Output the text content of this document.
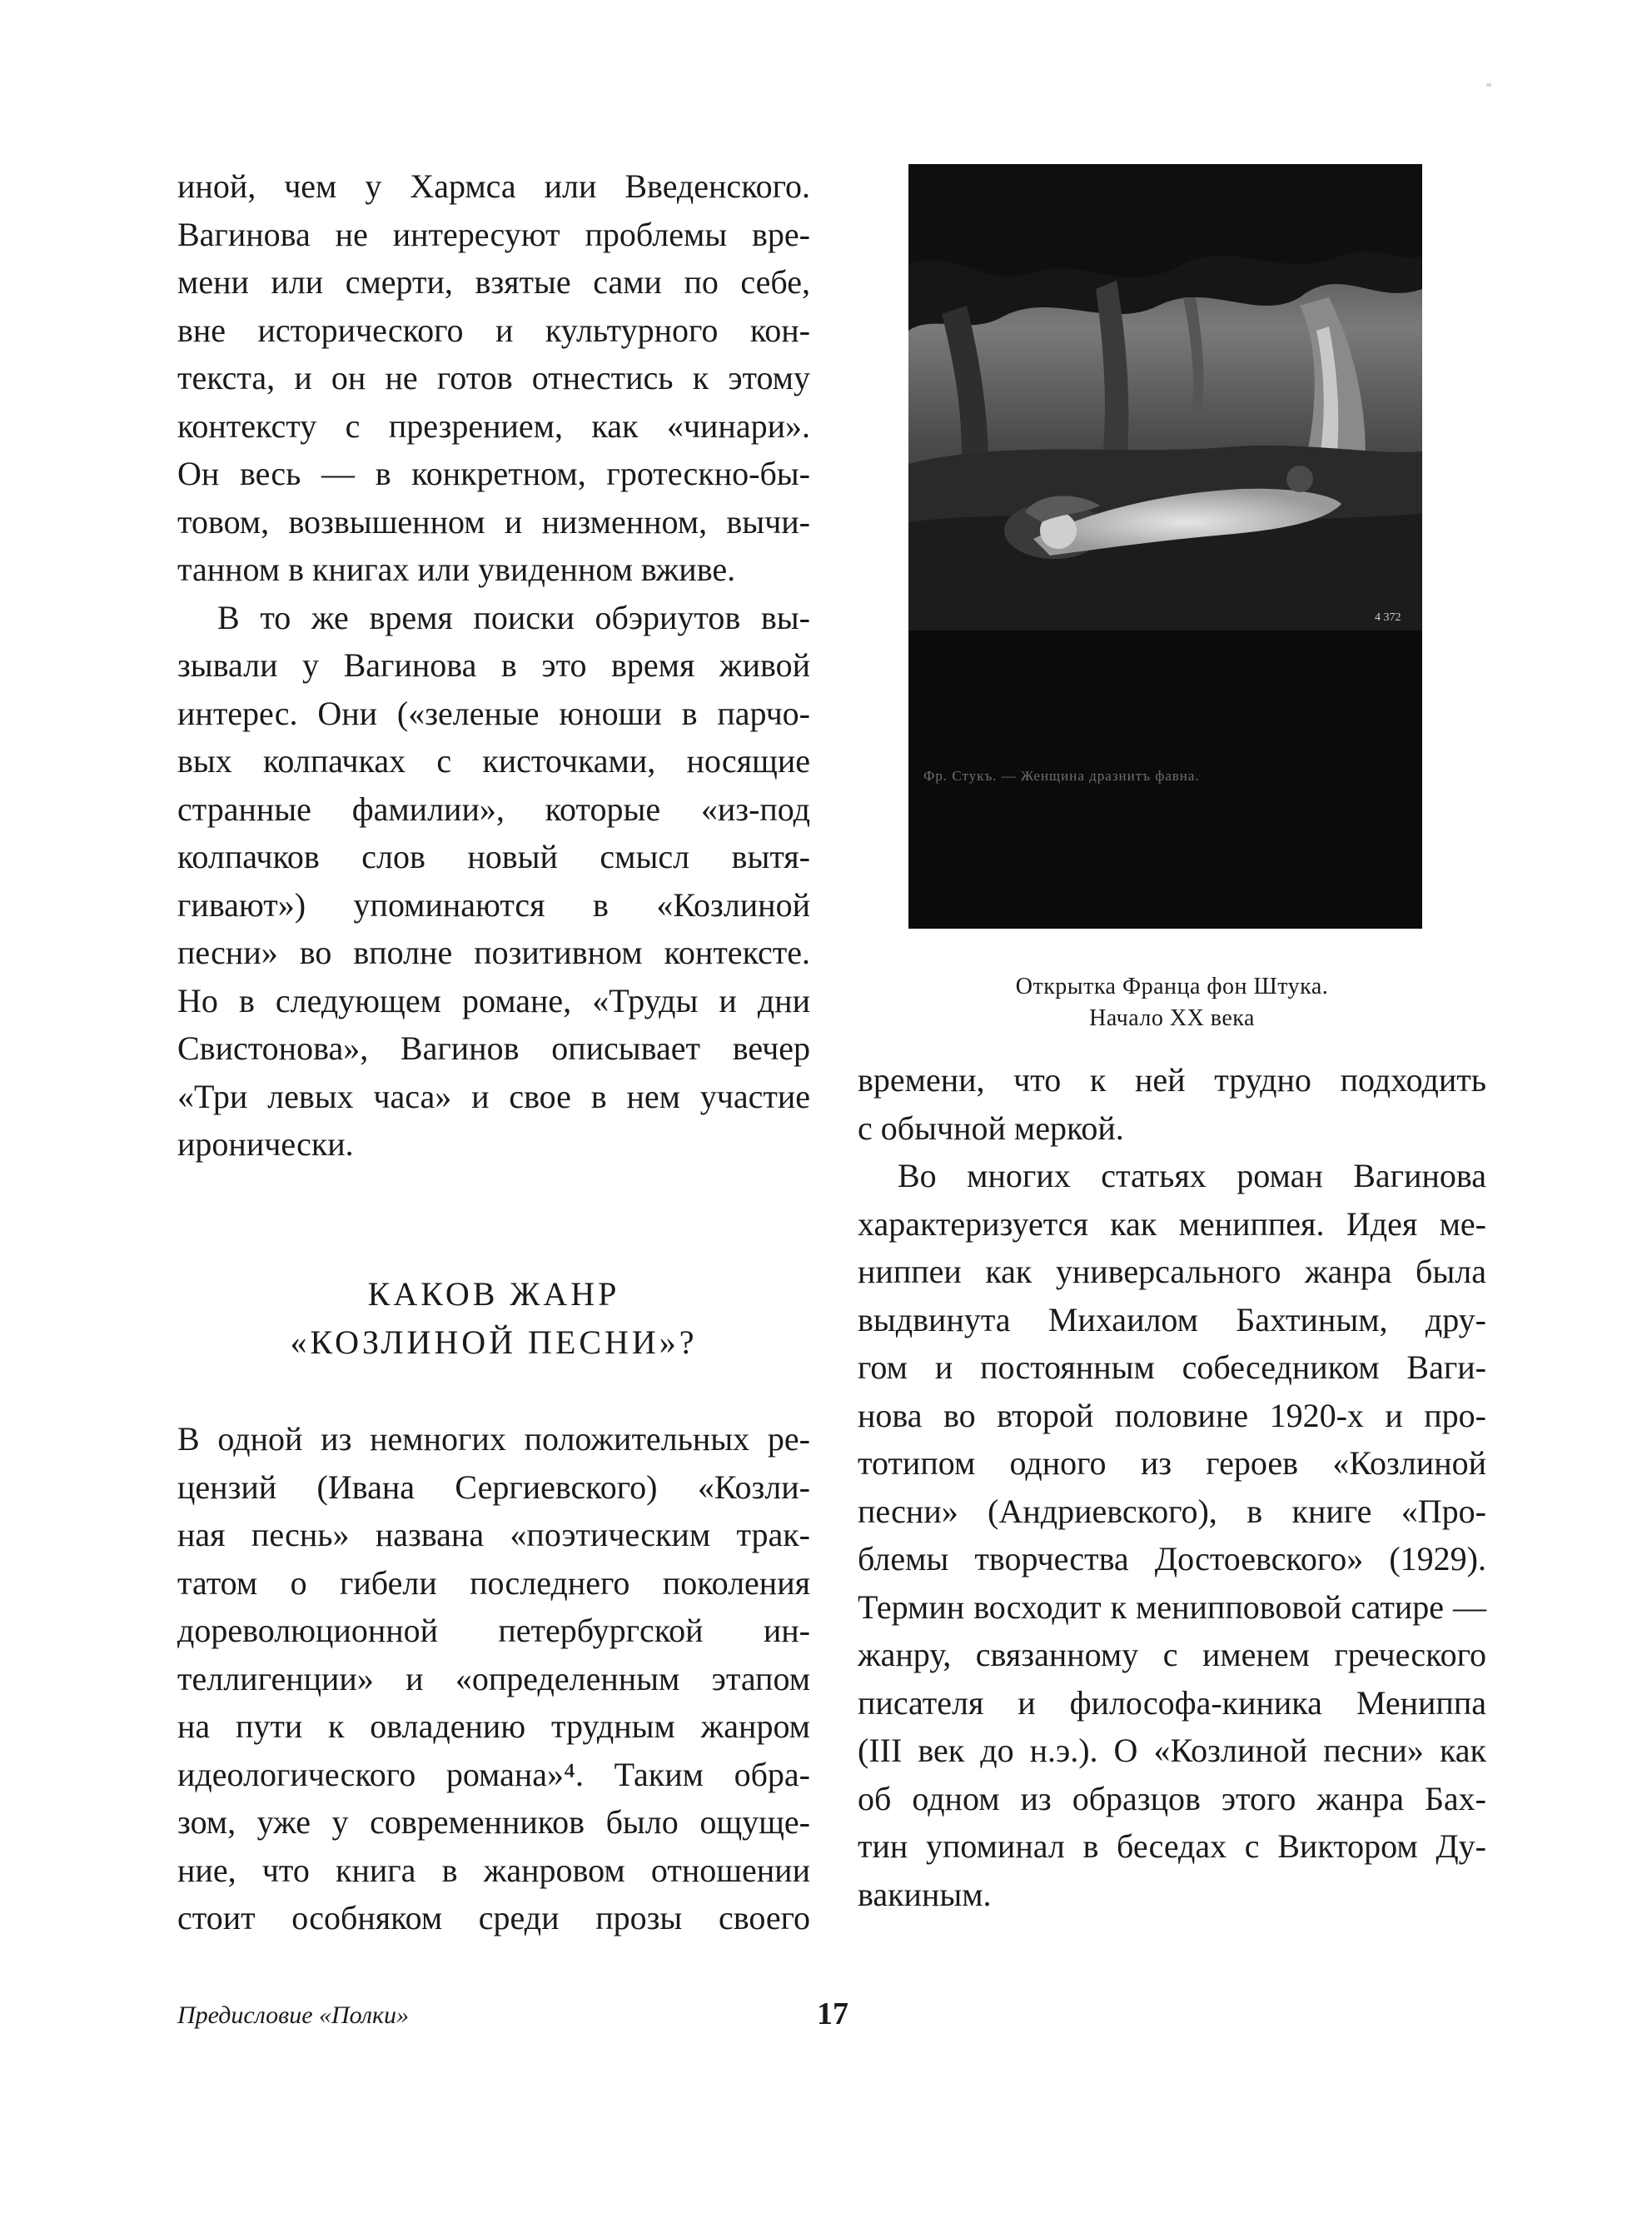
иной, чем у Хармса или Введенского.
Вагинова не интересуют проблемы вре-
мени или смерти, взятые сами по себе,
вне исторического и культурного кон-
текста, и он не готов отнестись к этому
контексту с презрением, как «чинари».
Он весь — в конкретном, гротескно-бы-
товом, возвышенном и низменном, вычи-
танном в книгах или увиденном вживе.
В то же время поиски обэриутов вы-
зывали у Вагинова в это время живой
интерес. Они («зеленые юноши в парчо-
вых колпачках с кисточками, носящие
странные фамилии», которые «из-под
колпачков слов новый смысл вытя-
гивают») упоминаются в «Козлиной
песни» во вполне позитивном контексте.
Но в следующем романе, «Труды и дни
Свистонова», Вагинов описывает вечер
«Три левых часа» и свое в нем участие
иронически.
КАКОВ ЖАНР
«КОЗЛИНОЙ ПЕСНИ»?
В одной из немногих положительных ре-
цензий (Ивана Сергиевского) «Козли-
ная песнь» названа «поэтическим трак-
татом о гибели последнего поколения
дореволюционной петербургской ин-
теллигенции» и «определенным этапом
на пути к овладению трудным жанром
идеологического романа»⁴. Таким обра-
зом, уже у современников было ощуще-
ние, что книга в жанровом отношении
стоит особняком среди прозы своего
4 372
Фр. Стукъ. — Женщина дразнитъ фавна.
Открытка Франца фон Штука.
Начало XX века
времени, что к ней трудно подходить
с обычной меркой.
Во многих статьях роман Вагинова
характеризуется как мениппея. Идея ме-
ниппеи как универсального жанра была
выдвинута Михаилом Бахтиным, дру-
гом и постоянным собеседником Ваги-
нова во второй половине 1920-х и про-
тотипом одного из героев «Козлиной
песни» (Андриевского), в книге «Про-
блемы творчества Достоевского» (1929).
Термин восходит к мениппововой сатире —
жанру, связанному с именем греческого
писателя и философа-киника Мениппа
(III век до н.э.). О «Козлиной песни» как
об одном из образцов этого жанра Бах-
тин упоминал в беседах с Виктором Ду-
вакиным.
Предисловие «Полки»	17
